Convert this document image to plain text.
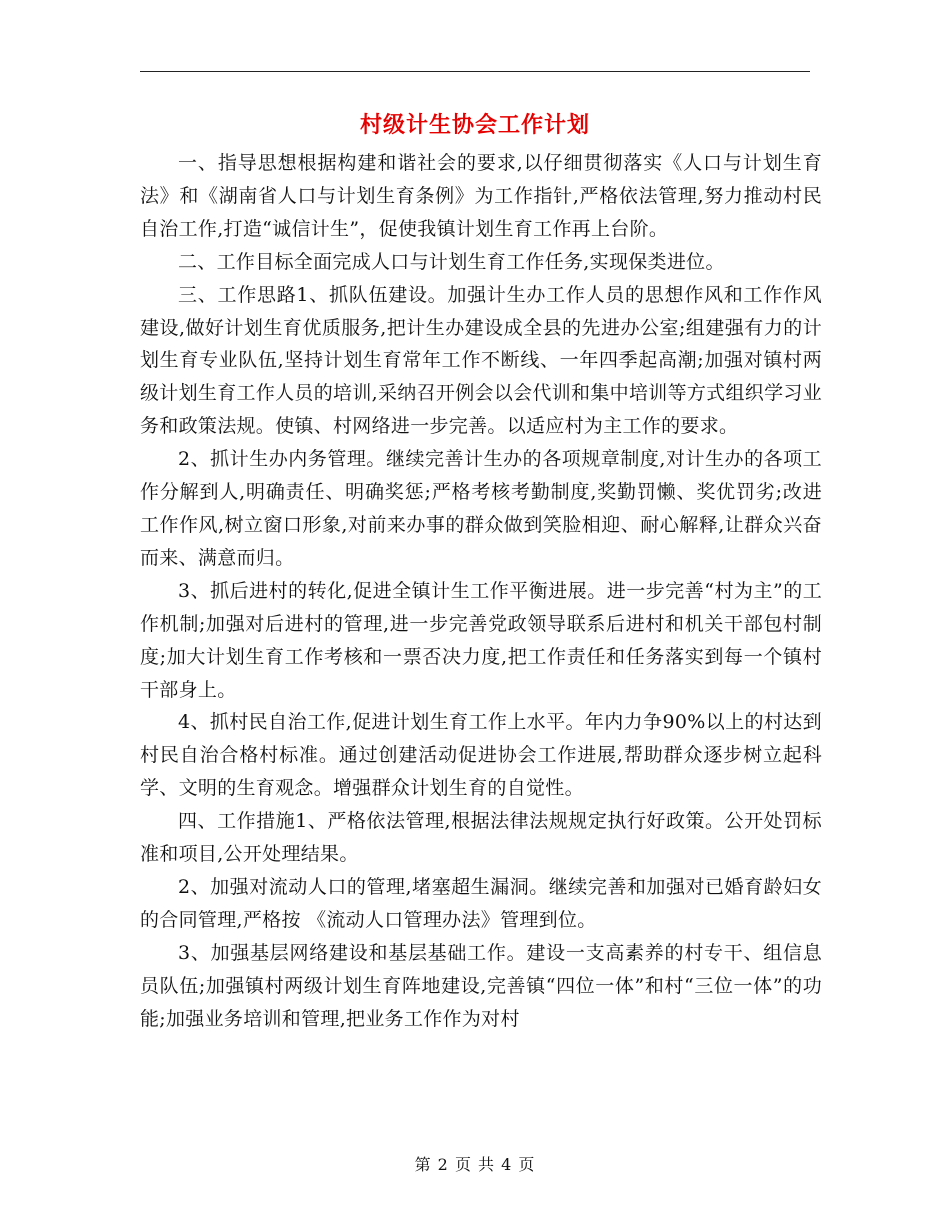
村级计生协会工作计划

一、指导思想根据构建和谐社会的要求,以仔细贯彻落实《人口与计划生育法》和《湖南省人口与计划生育条例》为工作指针,严格依法管理,努力推动村民自治工作,打造“诚信计生”，促使我镇计划生育工作再上台阶。

二、工作目标全面完成人口与计划生育工作任务,实现保类进位。

三、工作思路1、抓队伍建设。加强计生办工作人员的思想作风和工作作风建设,做好计划生育优质服务,把计生办建设成全县的先进办公室;组建强有力的计划生育专业队伍,坚持计划生育常年工作不断线、一年四季起高潮;加强对镇村两级计划生育工作人员的培训,采纳召开例会以会代训和集中培训等方式组织学习业务和政策法规。使镇、村网络进一步完善。以适应村为主工作的要求。

2、抓计生办内务管理。继续完善计生办的各项规章制度,对计生办的各项工作分解到人,明确责任、明确奖惩;严格考核考勤制度,奖勤罚懒、奖优罚劣;改进工作作风,树立窗口形象,对前来办事的群众做到笑脸相迎、耐心解释,让群众兴奋而来、满意而归。

3、抓后进村的转化,促进全镇计生工作平衡进展。进一步完善“村为主”的工作机制;加强对后进村的管理,进一步完善党政领导联系后进村和机关干部包村制度;加大计划生育工作考核和一票否决力度,把工作责任和任务落实到每一个镇村干部身上。

4、抓村民自治工作,促进计划生育工作上水平。年内力争90%以上的村达到村民自治合格村标准。通过创建活动促进协会工作进展,帮助群众逐步树立起科学、文明的生育观念。增强群众计划生育的自觉性。

四、工作措施1、严格依法管理,根据法律法规规定执行好政策。公开处罚标准和项目,公开处理结果。

2、加强对流动人口的管理,堵塞超生漏洞。继续完善和加强对已婚育龄妇女的合同管理,严格按 《流动人口管理办法》管理到位。

3、加强基层网络建设和基层基础工作。建设一支高素养的村专干、组信息员队伍;加强镇村两级计划生育阵地建设,完善镇“四位一体”和村“三位一体”的功能;加强业务培训和管理,把业务工作作为对村

第 2 页 共 4 页
